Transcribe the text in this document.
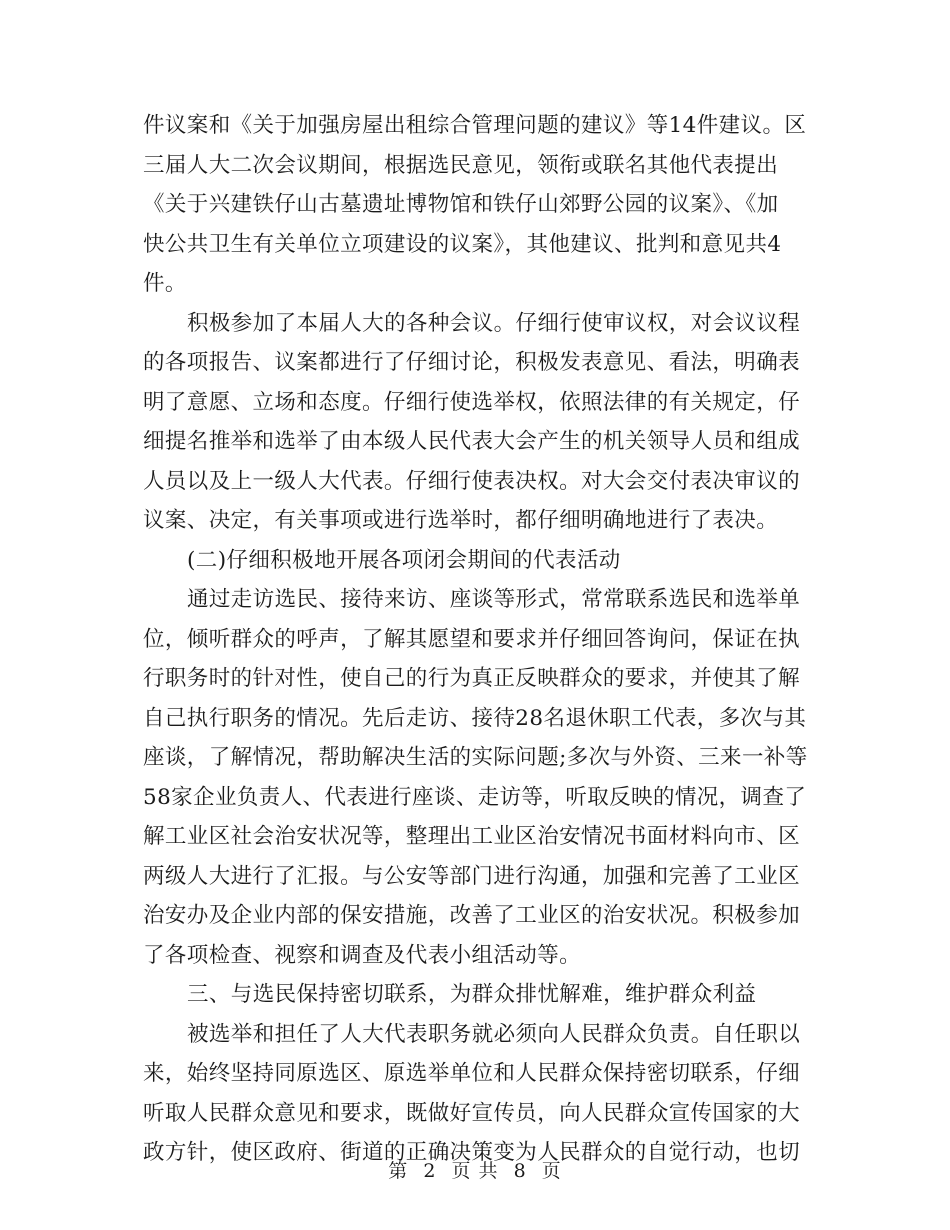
件议案和《关于加强房屋出租综合管理问题的建议》等14件建议。区
三届人大二次会议期间，根据选民意见，领衔或联名其他代表提出
《关于兴建铁仔山古墓遗址博物馆和铁仔山郊野公园的议案》、《加
快公共卫生有关单位立项建设的议案》，其他建议、批判和意见共4
件。
积极参加了本届人大的各种会议。仔细行使审议权，对会议议程
的各项报告、议案都进行了仔细讨论，积极发表意见、看法，明确表
明了意愿、立场和态度。仔细行使选举权，依照法律的有关规定，仔
细提名推举和选举了由本级人民代表大会产生的机关领导人员和组成
人员以及上一级人大代表。仔细行使表决权。对大会交付表决审议的
议案、决定，有关事项或进行选举时，都仔细明确地进行了表决。
(二)仔细积极地开展各项闭会期间的代表活动
通过走访选民、接待来访、座谈等形式，常常联系选民和选举单
位，倾听群众的呼声，了解其愿望和要求并仔细回答询问，保证在执
行职务时的针对性，使自己的行为真正反映群众的要求，并使其了解
自己执行职务的情况。先后走访、接待28名退休职工代表，多次与其
座谈，了解情况，帮助解决生活的实际问题;多次与外资、三来一补等
58家企业负责人、代表进行座谈、走访等，听取反映的情况，调查了
解工业区社会治安状况等，整理出工业区治安情况书面材料向市、区
两级人大进行了汇报。与公安等部门进行沟通，加强和完善了工业区
治安办及企业内部的保安措施，改善了工业区的治安状况。积极参加
了各项检查、视察和调查及代表小组活动等。
三、与选民保持密切联系，为群众排忧解难，维护群众利益
被选举和担任了人大代表职务就必须向人民群众负责。自任职以
来，始终坚持同原选区、原选举单位和人民群众保持密切联系，仔细
听取人民群众意见和要求，既做好宣传员，向人民群众宣传国家的大
政方针，使区政府、街道的正确决策变为人民群众的自觉行动，也切
第 2 页 共 8 页
